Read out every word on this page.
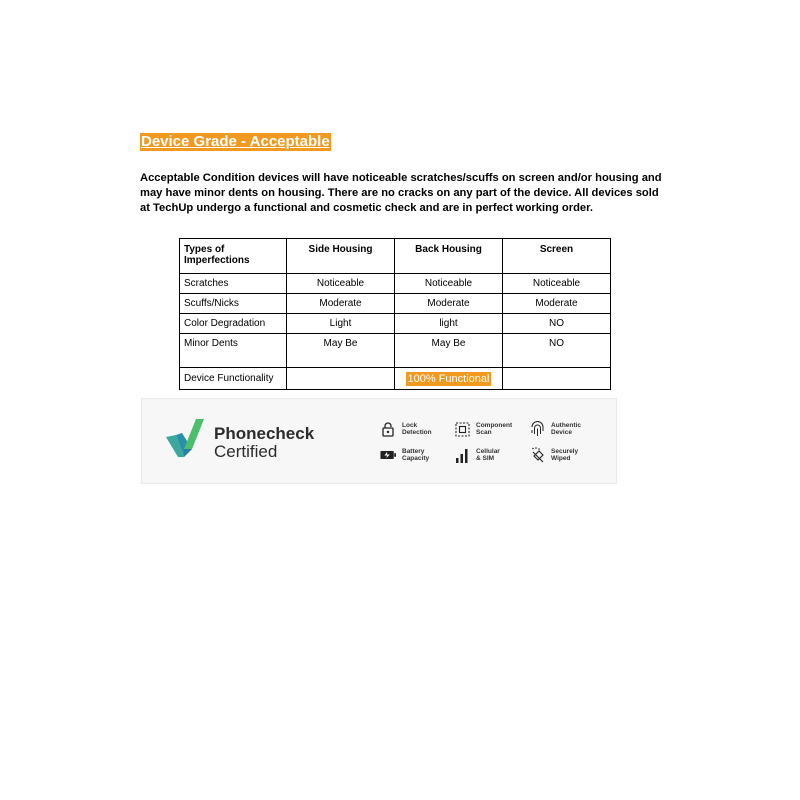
Device Grade - Acceptable
Acceptable Condition devices will have noticeable scratches/scuffs on screen and/or housing and may have minor dents on housing. There are no cracks on any part of the device. All devices sold at TechUp undergo a functional and cosmetic check and are in perfect working order.
Types of Imperfections	Side Housing	Back Housing	Screen
Scratches	Noticeable	Noticeable	Noticeable
Scuffs/Nicks	Moderate	Moderate	Moderate
Color Degradation	Light	light	NO
Minor Dents	May Be	May Be	NO
Device Functionality		100% Functional	
Phonecheck
Certified
Lock
Detection
Component
Scan
Authentic
Device
Battery
Capacity
Cellular
& SIM
Securely
Wiped
